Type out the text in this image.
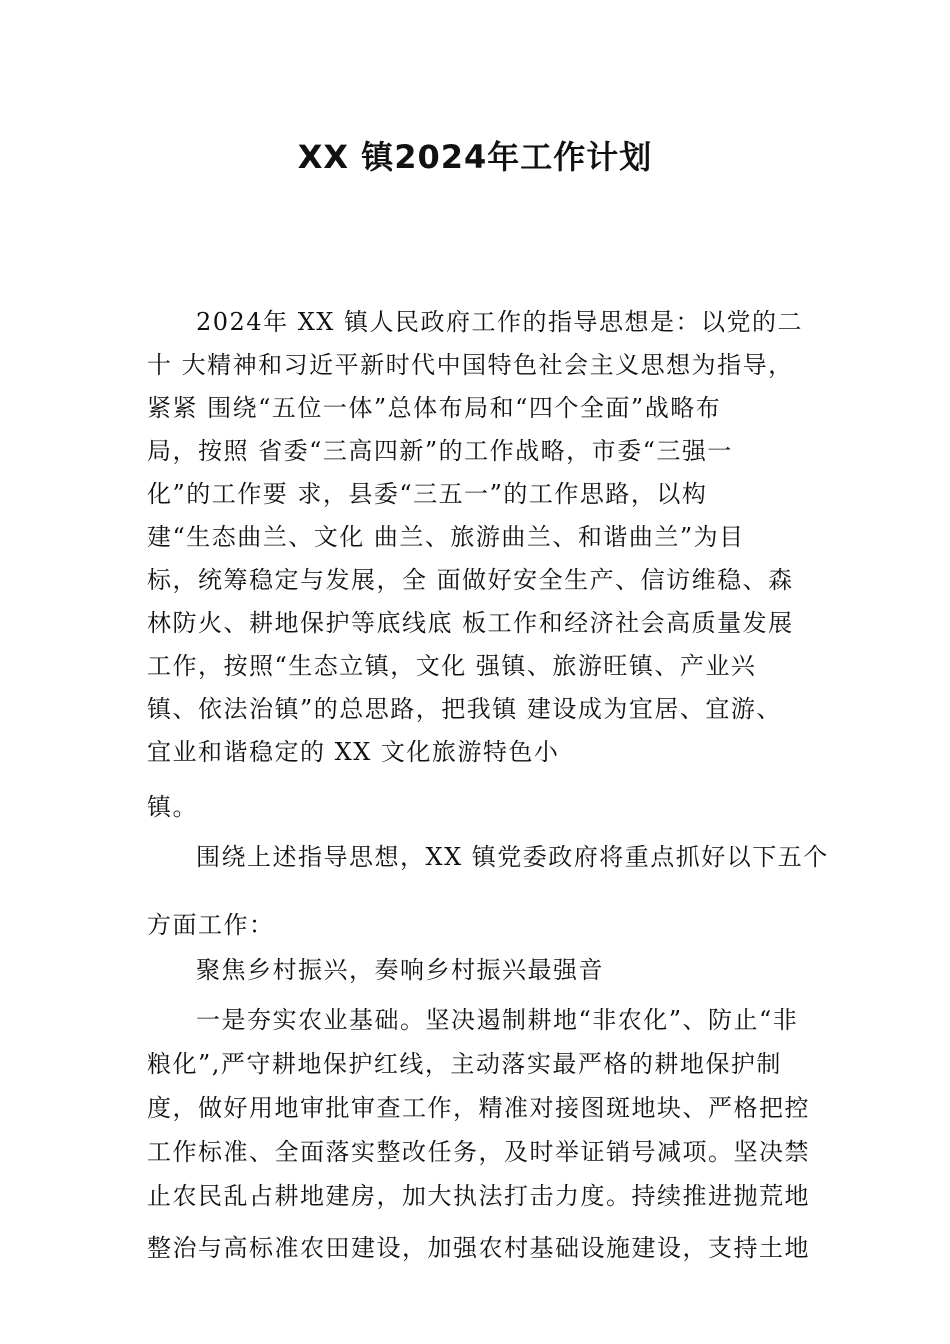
XX 镇2024年工作计划
2024年 XX 镇人民政府工作的指导思想是：以党的二
十 大精神和习近平新时代中国特色社会主义思想为指导，
紧紧 围绕“五位一体”总体布局和“四个全面”战略布
局，按照 省委“三高四新”的工作战略，市委“三强一
化”的工作要 求，县委“三五一”的工作思路，以构
建“生态曲兰、文化 曲兰、旅游曲兰、和谐曲兰”为目
标，统筹稳定与发展，全 面做好安全生产、信访维稳、森
林防火、耕地保护等底线底 板工作和经济社会高质量发展
工作，按照“生态立镇，文化 强镇、旅游旺镇、产业兴
镇、依法治镇”的总思路，把我镇 建设成为宜居、宜游、
宜业和谐稳定的 XX 文化旅游特色小
镇。
围绕上述指导思想，XX 镇党委政府将重点抓好以下五个
方面工作：
聚焦乡村振兴，奏响乡村振兴最强音
一是夯实农业基础。坚决遏制耕地“非农化”、防止“非
粮化”,严守耕地保护红线，主动落实最严格的耕地保护制
度，做好用地审批审查工作，精准对接图斑地块、严格把控
工作标准、全面落实整改任务，及时举证销号减项。坚决禁
止农民乱占耕地建房，加大执法打击力度。持续推进抛荒地
整治与高标准农田建设，加强农村基础设施建设，支持土地
